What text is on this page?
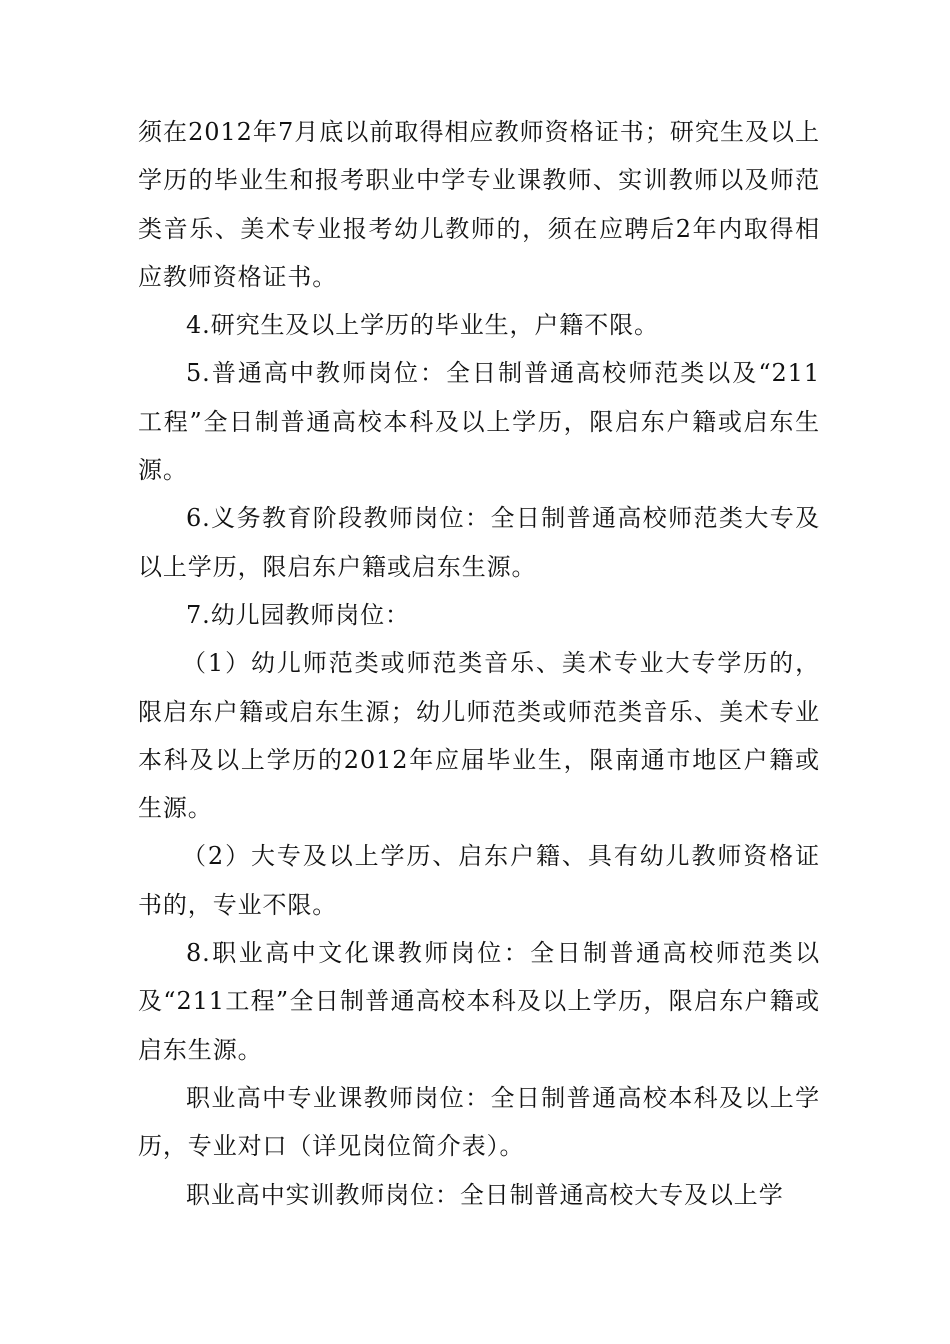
须在2012年7月底以前取得相应教师资格证书；研究生及以上学历的毕业生和报考职业中学专业课教师、实训教师以及师范类音乐、美术专业报考幼儿教师的，须在应聘后2年内取得相应教师资格证书。

4.研究生及以上学历的毕业生，户籍不限。

5.普通高中教师岗位：全日制普通高校师范类以及“211工程”全日制普通高校本科及以上学历，限启东户籍或启东生源。

6.义务教育阶段教师岗位：全日制普通高校师范类大专及以上学历，限启东户籍或启东生源。

7.幼儿园教师岗位：

（1）幼儿师范类或师范类音乐、美术专业大专学历的，限启东户籍或启东生源；幼儿师范类或师范类音乐、美术专业本科及以上学历的2012年应届毕业生，限南通市地区户籍或生源。

（2）大专及以上学历、启东户籍、具有幼儿教师资格证书的，专业不限。

8.职业高中文化课教师岗位：全日制普通高校师范类以及“211工程”全日制普通高校本科及以上学历，限启东户籍或启东生源。

职业高中专业课教师岗位：全日制普通高校本科及以上学历，专业对口（详见岗位简介表）。

职业高中实训教师岗位：全日制普通高校大专及以上学
